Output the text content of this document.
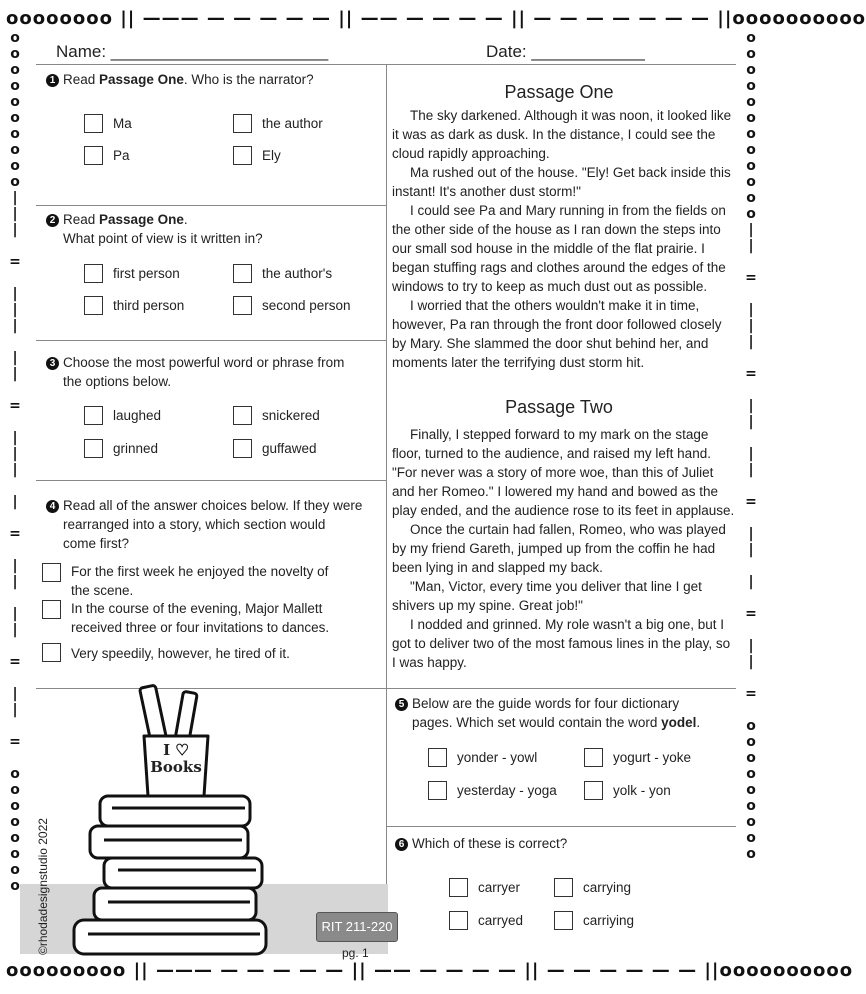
oooooooo || ——— — — — — — || —— — — — — || — — — — — — — ||oooooooooo
ooooooooo || ——— — — — — — || —— — — — — || — — — — — — ||oooooooooo
o
o
o
o
o
o
o
o
o
o
|
|
|

=

|
|
|

|
|

=

|
|
|

|

=

|
|

|
|

=

|
|

=

o
o
o
o
o
o
o
o
o
o
o
o
o
o
o
o
o
o
o
o
|
|

=

|
|
|

=

|
|

|
|

=

|
|

|

=

|
|

=

o
o
o
o
o
o
o
o
o
Name: _______________________	Date: ____________
1 Read Passage One. Who is the narrator?
Ma	the author
Pa	Ely
2 Read Passage One.
What point of view is it written in?
first person	the author's
third person	second person
3 Choose the most powerful word or phrase from
the options below.
laughed	snickered
grinned	guffawed
4 Read all of the answer choices below. If they were
rearranged into a story, which section would
come first?
For the first week he enjoyed the novelty of
the scene.
In the course of the evening, Major Mallett
received three or four invitations to dances.
Very speedily, however, he tired of it.
Passage One

The sky darkened. Although it was noon, it looked like it was as dark as dusk. In the distance, I could see the cloud rapidly approaching.

Ma rushed out of the house. "Ely! Get back inside this instant! It's another dust storm!"

I could see Pa and Mary running in from the fields on the other side of the house as I ran down the steps into our small sod house in the middle of the flat prairie. I began stuffing rags and clothes around the edges of the windows to try to keep as much dust out as possible.

I worried that the others wouldn't make it in time, however, Pa ran through the front door followed closely by Mary. She slammed the door shut behind her, and moments later the terrifying dust storm hit.

Passage Two

Finally, I stepped forward to my mark on the stage floor, turned to the audience, and raised my left hand. "For never was a story of more woe, than this of Juliet and her Romeo." I lowered my hand and bowed as the play ended, and the audience rose to its feet in applause.

Once the curtain had fallen, Romeo, who was played by my friend Gareth, jumped up from the coffin he had been lying in and slapped my back.

"Man, Victor, every time you deliver that line I get shivers up my spine. Great job!"

I nodded and grinned. My role wasn't a big one, but I got to deliver two of the most famous lines in the play, so I was happy.

5 Below are the guide words for four dictionary
pages. Which set would contain the word yodel.
yonder - yowl	yogurt - yoke
yesterday - yoga	yolk - yon
6 Which of these is correct?
carryer	carrying
carryed	carriying
I ♥
Books
©rhodadesignstudio 2022	RIT 211-220
pg. 1
